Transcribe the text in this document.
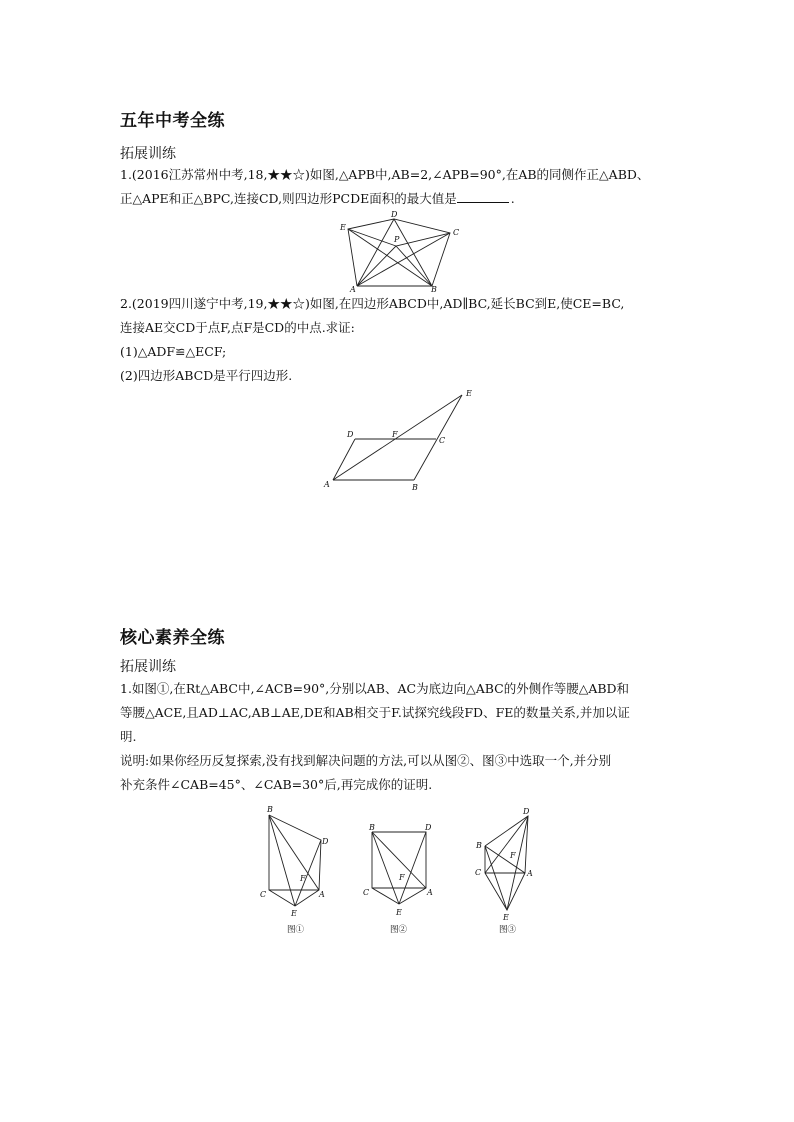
五年中考全练
拓展训练
1.(2016江苏常州中考,18,★★☆)如图,△APB中,AB=2,∠APB=90°,在AB的同侧作正△ABD、
正△APE和正△BPC,连接CD,则四边形PCDE面积的最大值是	.
E
D
C
P
A	B
2.(2019四川遂宁中考,19,★★☆)如图,在四边形ABCD中,AD∥BC,延长BC到E,使CE=BC,
连接AE交CD于点F,点F是CD的中点.求证:
(1)△ADF≌△ECF;
(2)四边形ABCD是平行四边形.
E
D	F
C
A	B
核心素养全练
拓展训练
1.如图①,在Rt△ABC中,∠ACB=90°,分别以AB、AC为底边向△ABC的外侧作等腰△ABD和
等腰△ACE,且AD⊥AC,AB⊥AE,DE和AB相交于F.试探究线段FD、FE的数量关系,并加以证
明.
说明:如果你经历反复探索,没有找到解决问题的方法,可以从图②、图③中选取一个,并分别
补充条件∠CAB=45°、∠CAB=30°后,再完成你的证明.
B
D
F
C	A
E
图①
B	D
F
C	A
E
图②
D
B
F
C	A
E
图③
